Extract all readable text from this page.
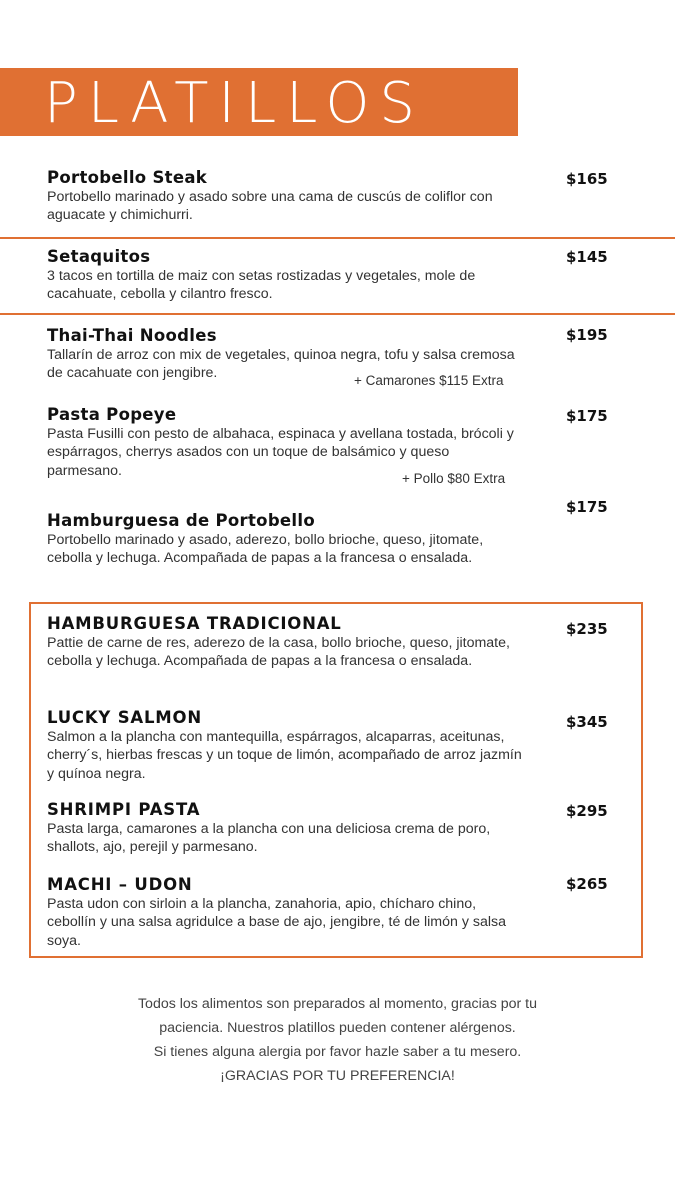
PLATILLOS
Portobello Steak
Portobello marinado y asado sobre una cama de cuscús de coliflor con aguacate y chimichurri.
$165
Setaquitos
3 tacos en tortilla de maiz con setas rostizadas y vegetales, mole de cacahuate, cebolla y cilantro fresco.
$145
Thai-Thai Noodles
Tallarín de arroz con mix de vegetales, quinoa negra, tofu y salsa cremosa de cacahuate con jengibre.
$195
+ Camarones $115 Extra
Pasta Popeye
Pasta Fusilli con pesto de albahaca, espinaca y avellana tostada, brócoli y espárragos, cherrys asados con un toque de balsámico y queso parmesano.
$175
+ Pollo $80 Extra
Hamburguesa de Portobello
Portobello marinado y asado, aderezo, bollo brioche, queso, jitomate, cebolla y lechuga. Acompañada de papas a la francesa o ensalada.
$175
HAMBURGUESA TRADICIONAL
Pattie de carne de res, aderezo de la casa, bollo brioche, queso, jitomate, cebolla y lechuga. Acompañada de papas a la francesa o ensalada.
$235
LUCKY SALMON
Salmon a la plancha con mantequilla, espárragos, alcaparras, aceitunas, cherry´s, hierbas frescas y un toque de limón, acompañado de arroz jazmín y quínoa negra.
$345
SHRIMPI PASTA
Pasta larga, camarones a la plancha con una deliciosa crema de poro, shallots, ajo, perejil y parmesano.
$295
MACHI – UDON
Pasta udon con sirloin a la plancha, zanahoria, apio, chícharo chino, cebollín y una salsa agridulce a base de ajo, jengibre, té de limón y salsa soya.
$265
Todos los alimentos son preparados al momento, gracias por tu
paciencia. Nuestros platillos pueden contener alérgenos.
Si tienes alguna alergia por favor hazle saber a tu mesero.
¡GRACIAS POR TU PREFERENCIA!
